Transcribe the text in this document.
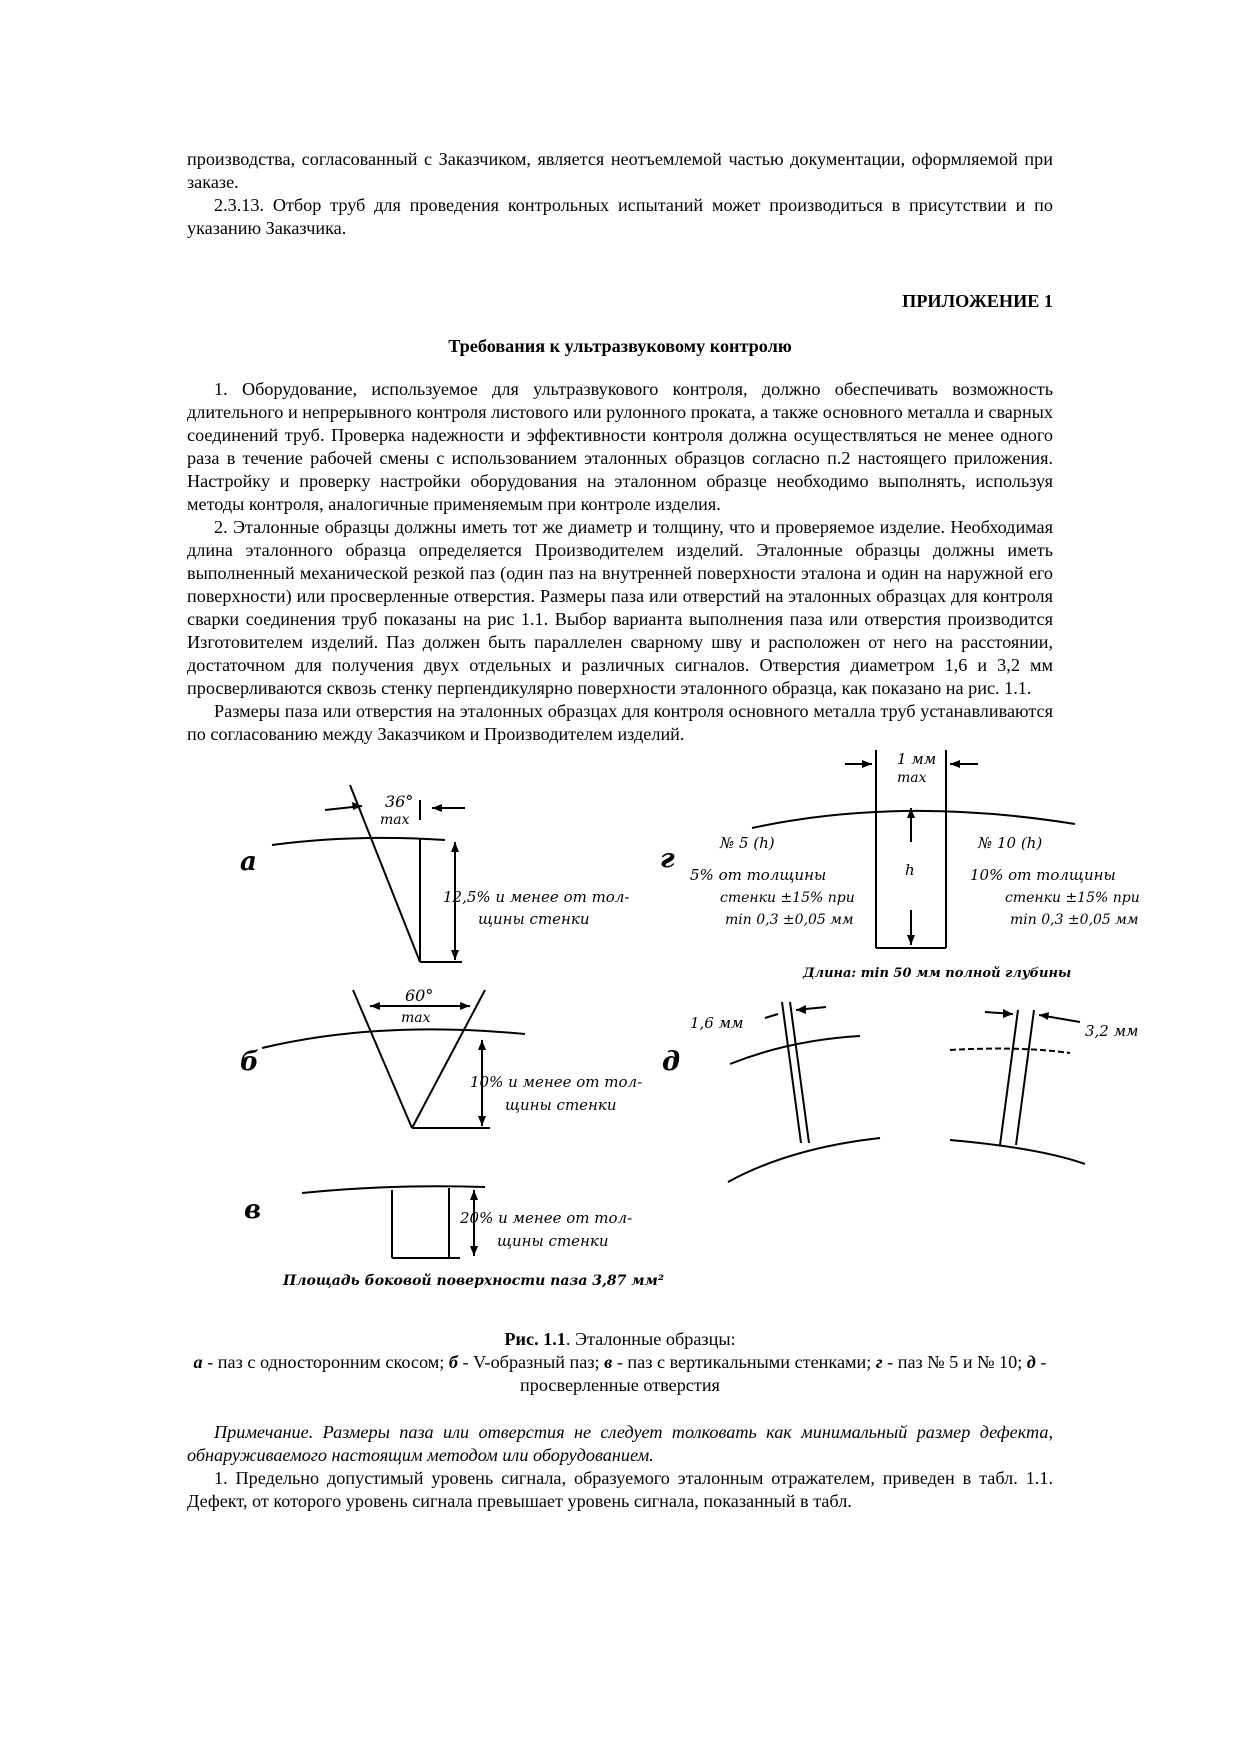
производства, согласованный с Заказчиком, является неотъемлемой частью документации, оформляемой при заказе.

2.3.13. Отбор труб для проведения контрольных испытаний может производиться в присутствии и по указанию Заказчика.

ПРИЛОЖЕНИЕ 1

Требования к ультразвуковому контролю

1. Оборудование, используемое для ультразвукового контроля, должно обеспечивать возможность длительного и непрерывного контроля листового или рулонного проката, а также основного металла и сварных соединений труб. Проверка надежности и эффективности контроля должна осуществляться не менее одного раза в течение рабочей смены с использованием эталонных образцов согласно п.2 настоящего приложения. Настройку и проверку настройки оборудования на эталонном образце необходимо выполнять, используя методы контроля, аналогичные применяемым при контроле изделия.

2. Эталонные образцы должны иметь тот же диаметр и толщину, что и проверяемое изделие. Необходимая длина эталонного образца определяется Производителем изделий. Эталонные образцы должны иметь выполненный механической резкой паз (один паз на внутренней поверхности эталона и один на наружной его поверхности) или просверленные отверстия. Размеры паза или отверстий на эталонных образцах для контроля сварки соединения труб показаны на рис 1.1. Выбор варианта выполнения паза или отверстия производится Изготовителем изделий. Паз должен быть параллелен сварному шву и расположен от него на расстоянии, достаточном для получения двух отдельных и различных сигналов. Отверстия диаметром 1,6 и 3,2 мм просверливаются сквозь стенку перпендикулярно поверхности эталонного образца, как показано на рис. 1.1.

Размеры паза или отверстия на эталонных образцах для контроля основного металла труб устанавливаются по согласованию между Заказчиком и Производителем изделий.

36°
max
а
12,5% и менее от тол-
щины стенки
60°
max
б
10% и менее от тол-
щины стенки
в	20% и менее от тол-
щины стенки
Площадь боковой поверхности паза 3,87 мм²
1 мм
max
h
г
№ 5 (h)	№ 10 (h)
5% от толщины
стенки ±15% при
min 0,3 ±0,05 мм
10% от толщины
стенки ±15% при
min 0,3 ±0,05 мм
Длина: min 50 мм полной глубины
д
1,6 мм	3,2 мм

Рис. 1.1. Эталонные образцы:

а - паз с односторонним скосом; б - V-образный паз; в - паз с вертикальными стенками; г - паз № 5 и № 10; д - просверленные отверстия

Примечание. Размеры паза или отверстия не следует толковать как минимальный размер дефекта, обнаруживаемого настоящим методом или оборудованием.

1. Предельно допустимый уровень сигнала, образуемого эталонным отражателем, приведен в табл. 1.1. Дефект, от которого уровень сигнала превышает уровень сигнала, показанный в табл.
